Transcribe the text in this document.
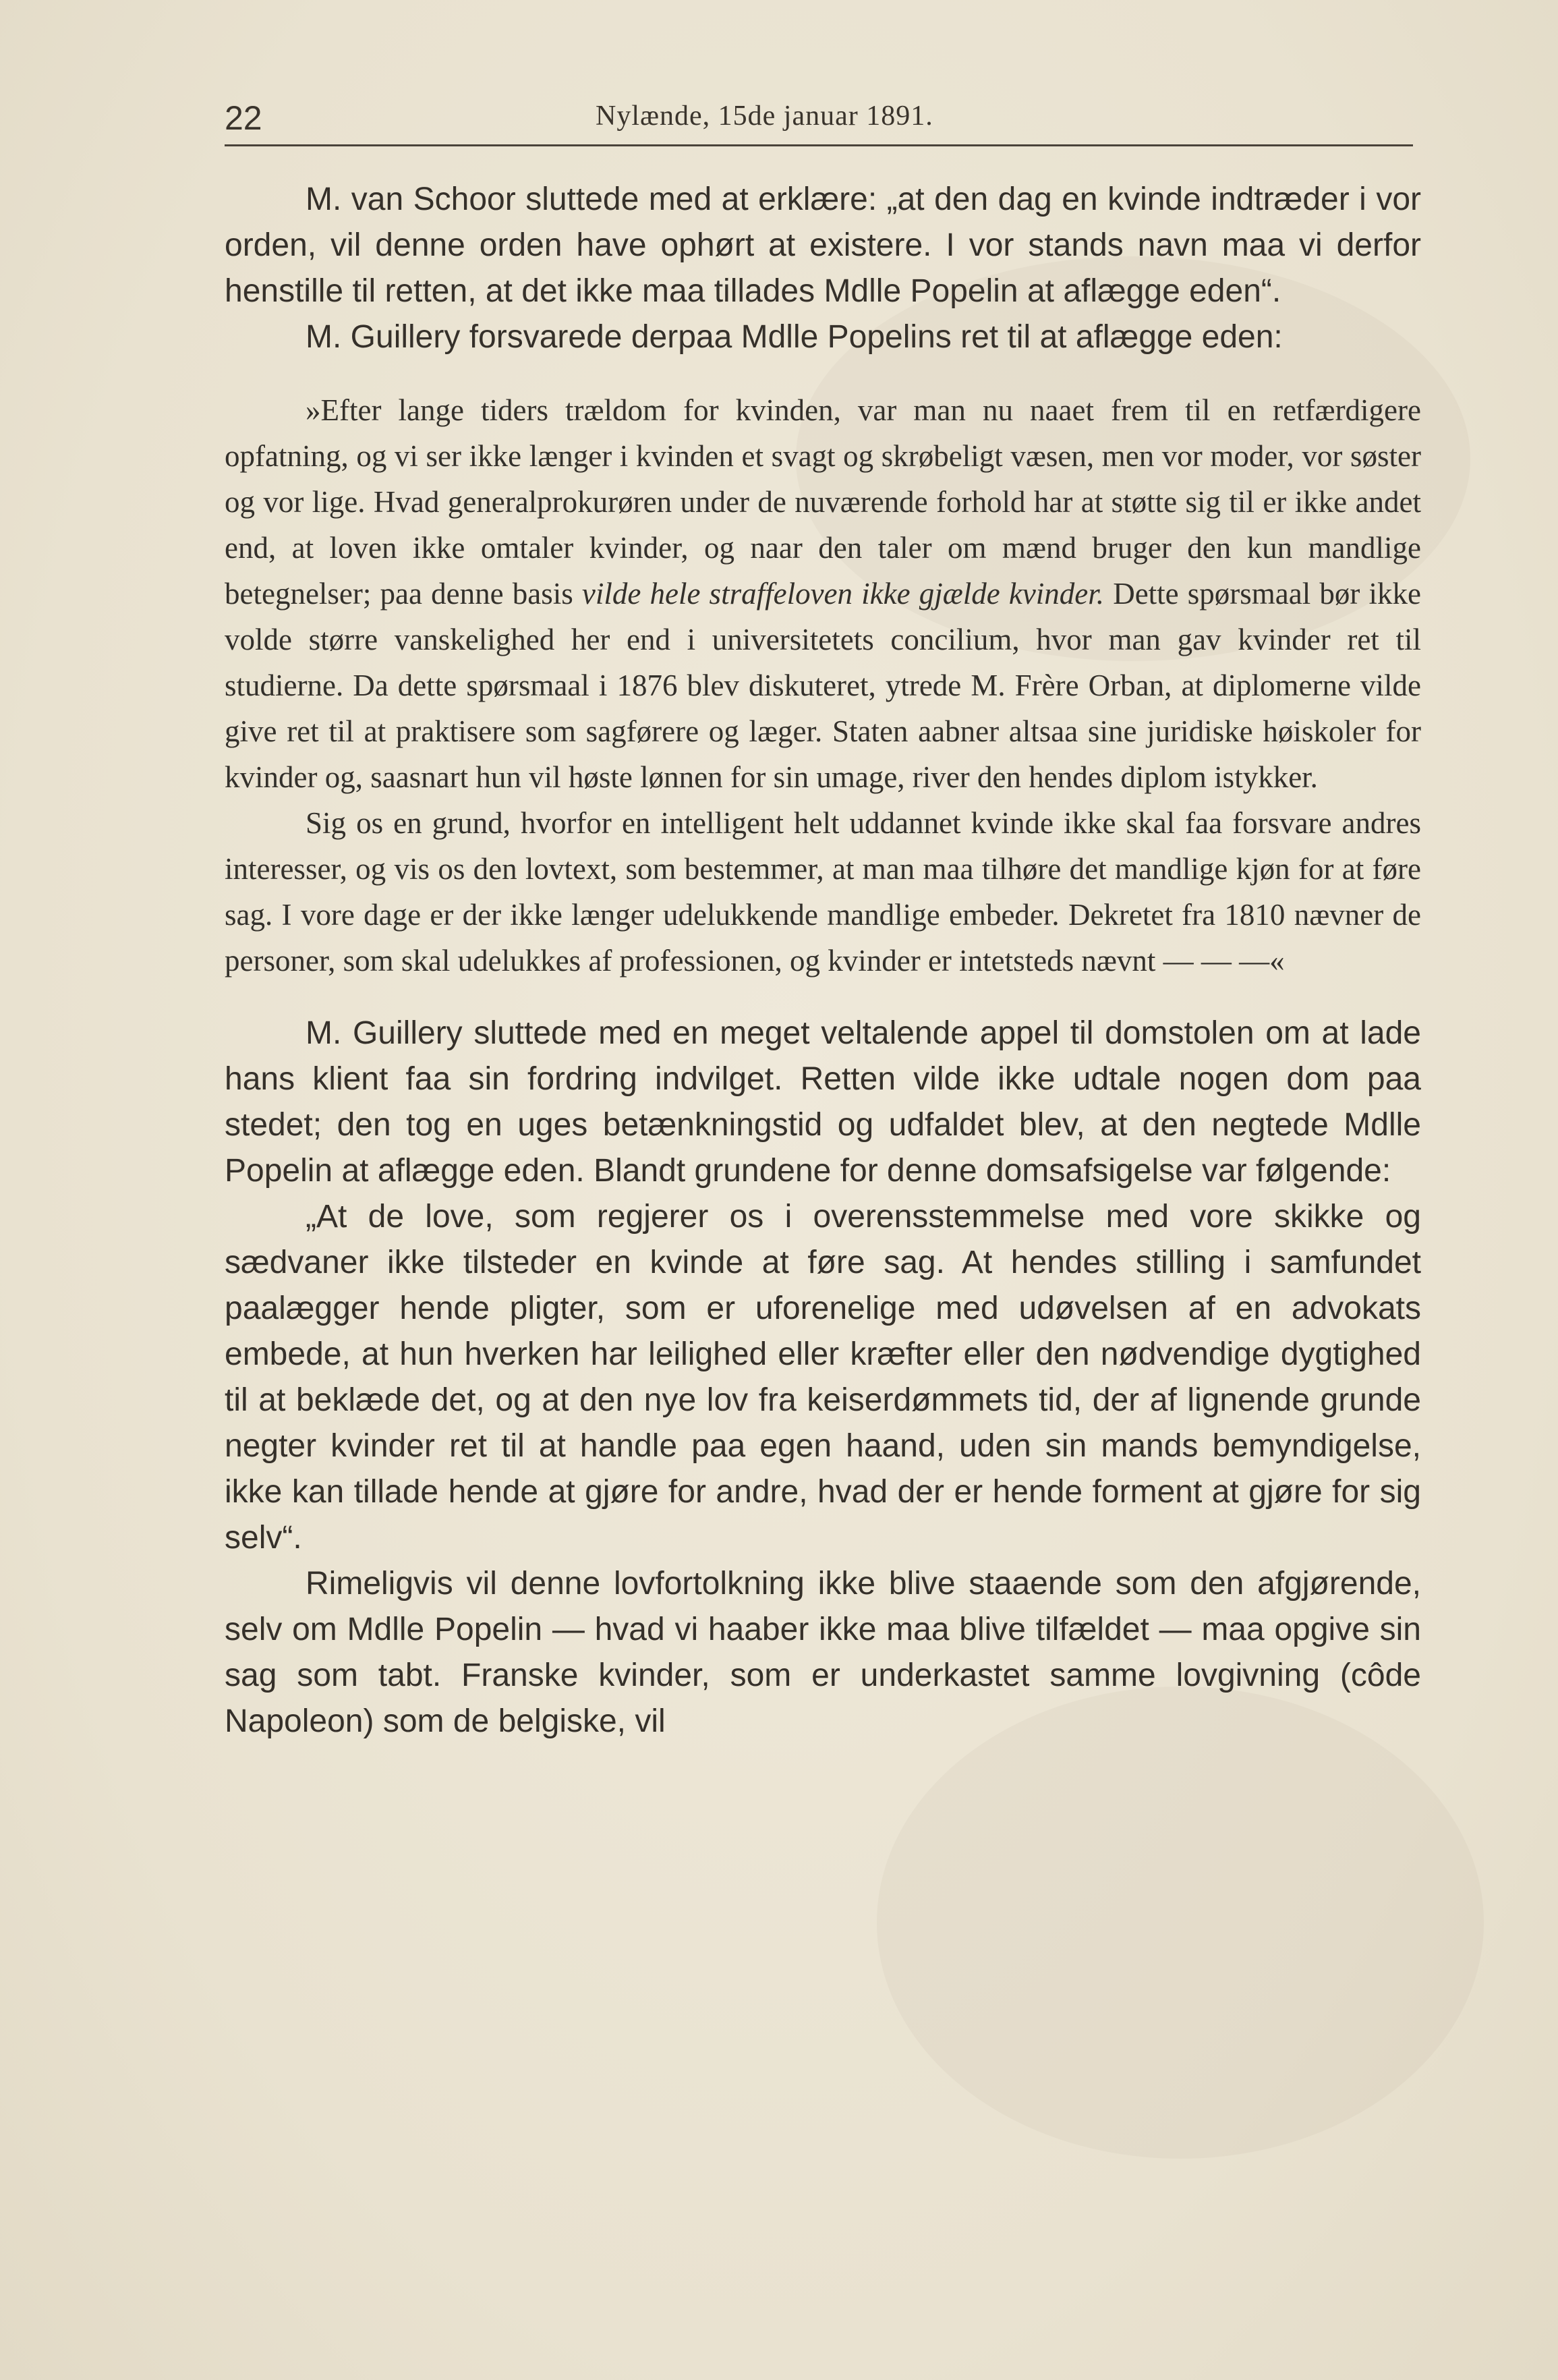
22	Nylænde, 15de januar 1891.

M. van Schoor sluttede med at erklære: „at den dag en kvinde indtræder i vor orden, vil denne orden have ophørt at existere. I vor stands navn maa vi derfor henstille til retten, at det ikke maa tillades Mdlle Popelin at aflægge eden“.

M. Guillery forsvarede derpaa Mdlle Popelins ret til at aflægge eden:

»Efter lange tiders trældom for kvinden, var man nu naaet frem til en retfærdigere opfatning, og vi ser ikke længer i kvinden et svagt og skrøbeligt væsen, men vor moder, vor søster og vor lige. Hvad generalprokurøren under de nuværende forhold har at støtte sig til er ikke andet end, at loven ikke omtaler kvinder, og naar den taler om mænd bruger den kun mandlige betegnelser; paa denne basis vilde hele straffeloven ikke gjælde kvinder. Dette spørsmaal bør ikke volde større vanskelighed her end i universitetets concilium, hvor man gav kvinder ret til studierne. Da dette spørsmaal i 1876 blev diskuteret, ytrede M. Frère Orban, at diplomerne vilde give ret til at praktisere som sagførere og læger. Staten aabner altsaa sine juridiske høiskoler for kvinder og, saasnart hun vil høste lønnen for sin umage, river den hendes diplom istykker.

Sig os en grund, hvorfor en intelligent helt uddannet kvinde ikke skal faa forsvare andres interesser, og vis os den lovtext, som bestemmer, at man maa tilhøre det mandlige kjøn for at føre sag. I vore dage er der ikke længer udelukkende mandlige embeder. Dekretet fra 1810 nævner de personer, som skal udelukkes af professionen, og kvinder er intetsteds nævnt — — —«

M. Guillery sluttede med en meget veltalende appel til domstolen om at lade hans klient faa sin fordring indvilget. Retten vilde ikke udtale nogen dom paa stedet; den tog en uges betænkningstid og udfaldet blev, at den negtede Mdlle Popelin at aflægge eden. Blandt grundene for denne domsafsigelse var følgende:

„At de love, som regjerer os i overensstemmelse med vore skikke og sædvaner ikke tilsteder en kvinde at føre sag. At hendes stilling i samfundet paalægger hende pligter, som er uforenelige med udøvelsen af en advokats embede, at hun hverken har leilighed eller kræfter eller den nødvendige dygtighed til at beklæde det, og at den nye lov fra keiserdømmets tid, der af lignende grunde negter kvinder ret til at handle paa egen haand, uden sin mands bemyndigelse, ikke kan tillade hende at gjøre for andre, hvad der er hende forment at gjøre for sig selv“.

Rimeligvis vil denne lovfortolkning ikke blive staaende som den afgjørende, selv om Mdlle Popelin — hvad vi haaber ikke maa blive tilfældet — maa opgive sin sag som tabt. Franske kvinder, som er underkastet samme lovgivning (côde Napoleon) som de belgiske, vil
